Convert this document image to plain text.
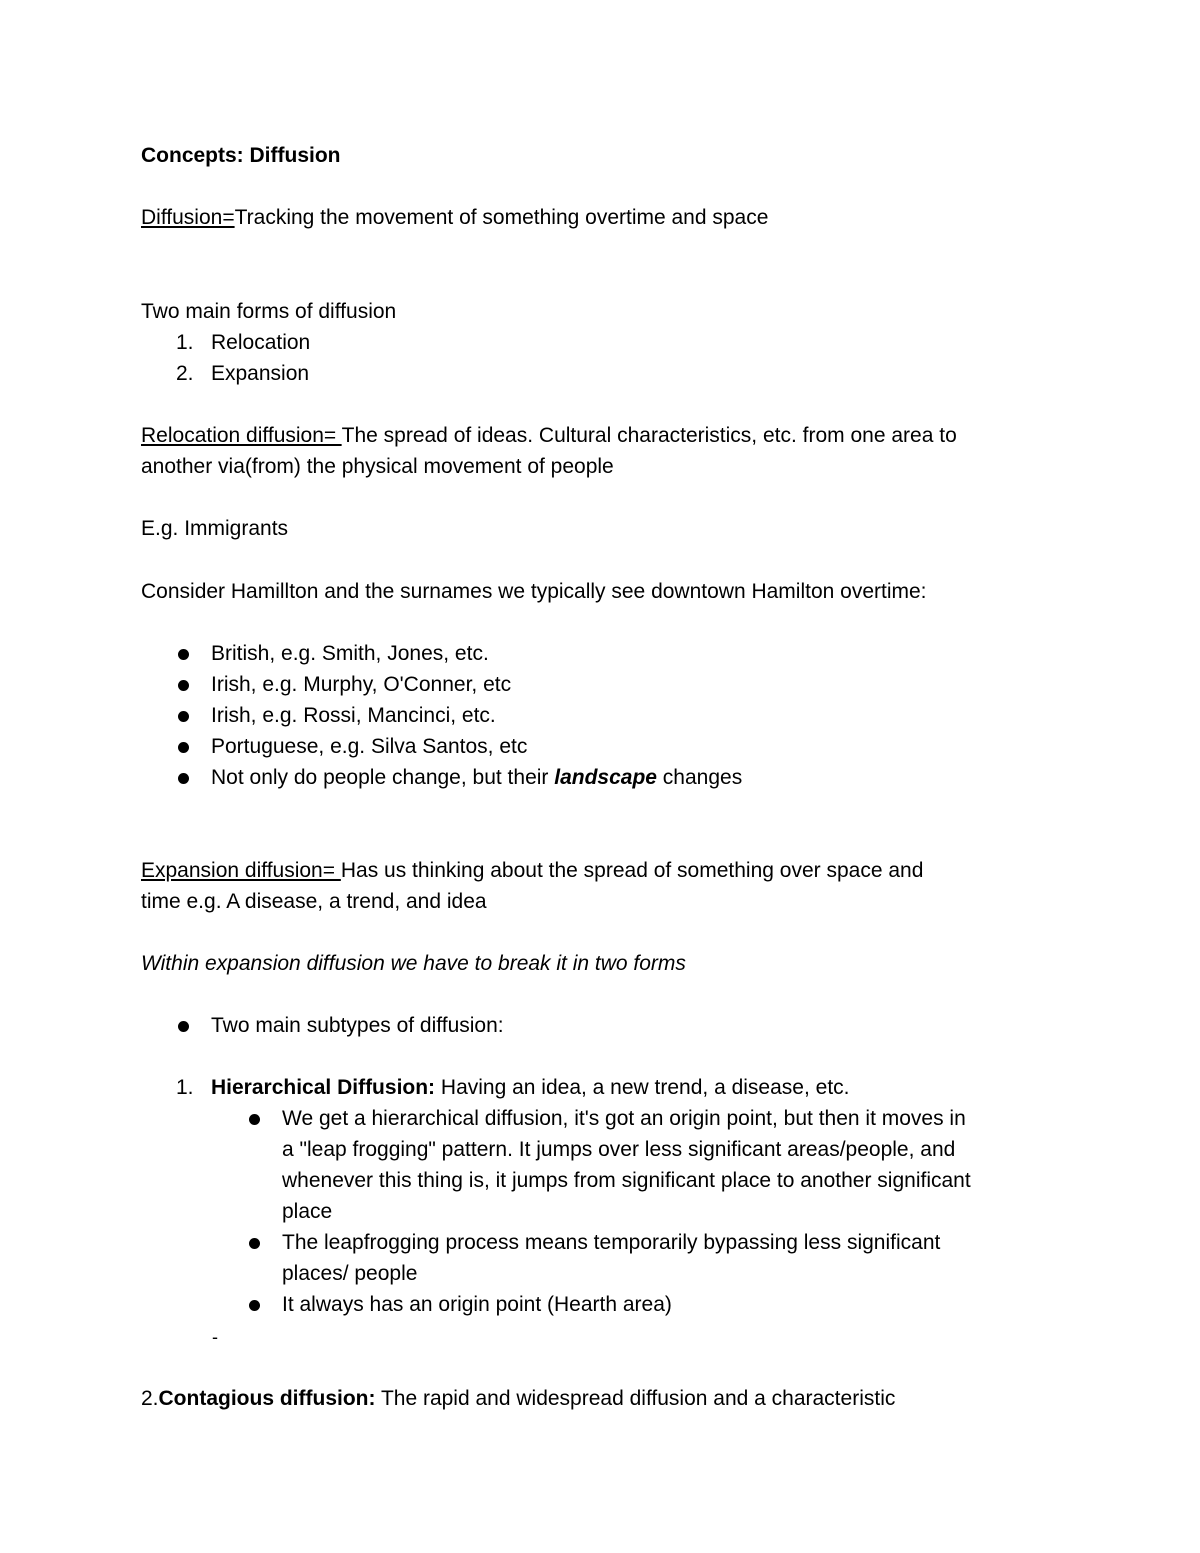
Concepts: Diffusion
Diffusion=Tracking the movement of something overtime and space
Two main forms of diffusion
1. Relocation
2. Expansion
Relocation diffusion= The spread of ideas. Cultural characteristics, etc. from one area to
another via(from) the physical movement of people
E.g. Immigrants
Consider Hamillton and the surnames we typically see downtown Hamilton overtime:
British, e.g. Smith, Jones, etc.
Irish, e.g. Murphy, O'Conner, etc
Irish, e.g. Rossi, Mancinci, etc.
Portuguese, e.g. Silva Santos, etc
Not only do people change, but their landscape changes
Expansion diffusion= Has us thinking about the spread of something over space and
time e.g. A disease, a trend, and idea
Within expansion diffusion we have to break it in two forms
Two main subtypes of diffusion:
1. Hierarchical Diffusion: Having an idea, a new trend, a disease, etc.
We get a hierarchical diffusion, it's got an origin point, but then it moves in
a "leap frogging" pattern. It jumps over less significant areas/people, and
whenever this thing is, it jumps from significant place to another significant
place
The leapfrogging process means temporarily bypassing less significant
places/ people
It always has an origin point (Hearth area)
-
2.Contagious diffusion: The rapid and widespread diffusion and a characteristic
